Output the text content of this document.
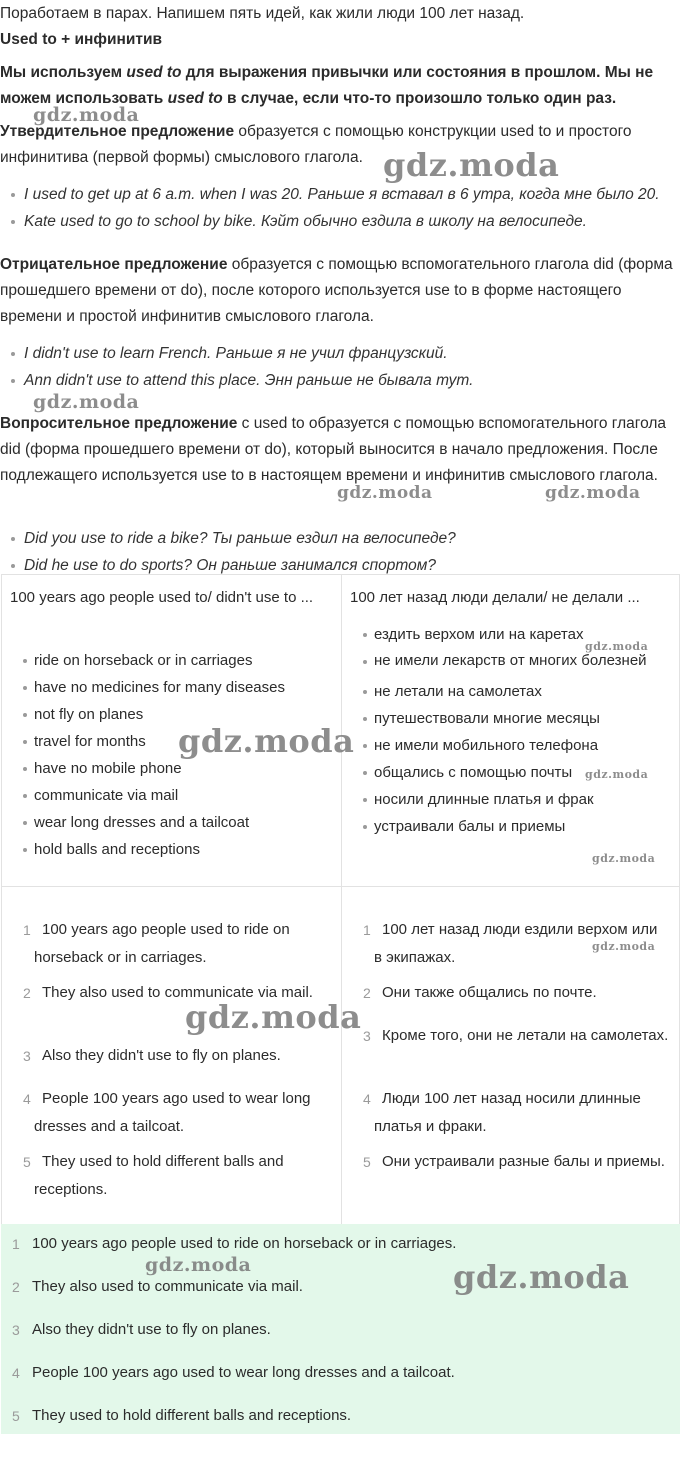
Поработаем в парах. Напишем пять идей, как жили люди 100 лет назад.
Used to + инфинитив
Мы используем used to для выражения привычки или состояния в прошлом. Мы не можем использовать used to в случае, если что-то произошло только один раз.
Утвердительное предложение образуется с помощью конструкции used to и простого инфинитива (первой формы) смыслового глагола.
I used to get up at 6 a.m. when I was 20. Раньше я вставал в 6 утра, когда мне было 20.
Kate used to go to school by bike. Кэйт обычно ездила в школу на велосипеде.
Отрицательное предложение образуется с помощью вспомогательного глагола did (форма прошедшего времени от do), после которого используется use to в форме настоящего времени и простой инфинитив смыслового глагола.
I didn't use to learn French. Раньше я не учил французский.
Ann didn't use to attend this place. Энн раньше не бывала тут.
Вопросительное предложение с used to образуется с помощью вспомогательного глагола did (форма прошедшего времени от do), который выносится в начало предложения. После подлежащего используется use to в настоящем времени и инфинитив смыслового глагола.
Did you use to ride a bike? Ты раньше ездил на велосипеде?
Did he use to do sports? Он раньше занимался спортом?
100 years ago people used to/ didn't use to ...
ride on horseback or in carriages
have no medicines for many diseases
not fly on planes
travel for months
have no mobile phone
communicate via mail
wear long dresses and a tailcoat
hold balls and receptions
100 лет назад люди делали/ не делали ...
ездить верхом или на каретах
не имели лекарств от многих болезней
не летали на самолетах
путешествовали многие месяцы
не имели мобильного телефона
общались с помощью почты
носили длинные платья и фрак
устраивали балы и приемы
1 100 years ago people used to ride on horseback or in carriages.
2 They also used to communicate via mail.
3 Also they didn't use to fly on planes.
4 People 100 years ago used to wear long dresses and a tailcoat.
5 They used to hold different balls and receptions.
1 100 лет назад люди ездили верхом или в экипажах.
2 Они также общались по почте.
3 Кроме того, они не летали на самолетах.
4 Люди 100 лет назад носили длинные платья и фраки.
5 Они устраивали разные балы и приемы.
1 100 years ago people used to ride on horseback or in carriages.
2 They also used to communicate via mail.
3 Also they didn't use to fly on planes.
4 People 100 years ago used to wear long dresses and a tailcoat.
5 They used to hold different balls and receptions.
gdz.moda
gdz.moda
gdz.moda
gdz.moda	gdz.moda
gdz.moda
gdz.moda
gdz.moda
gdz.moda
gdz.moda
gdz.moda
gdz.moda	gdz.moda
